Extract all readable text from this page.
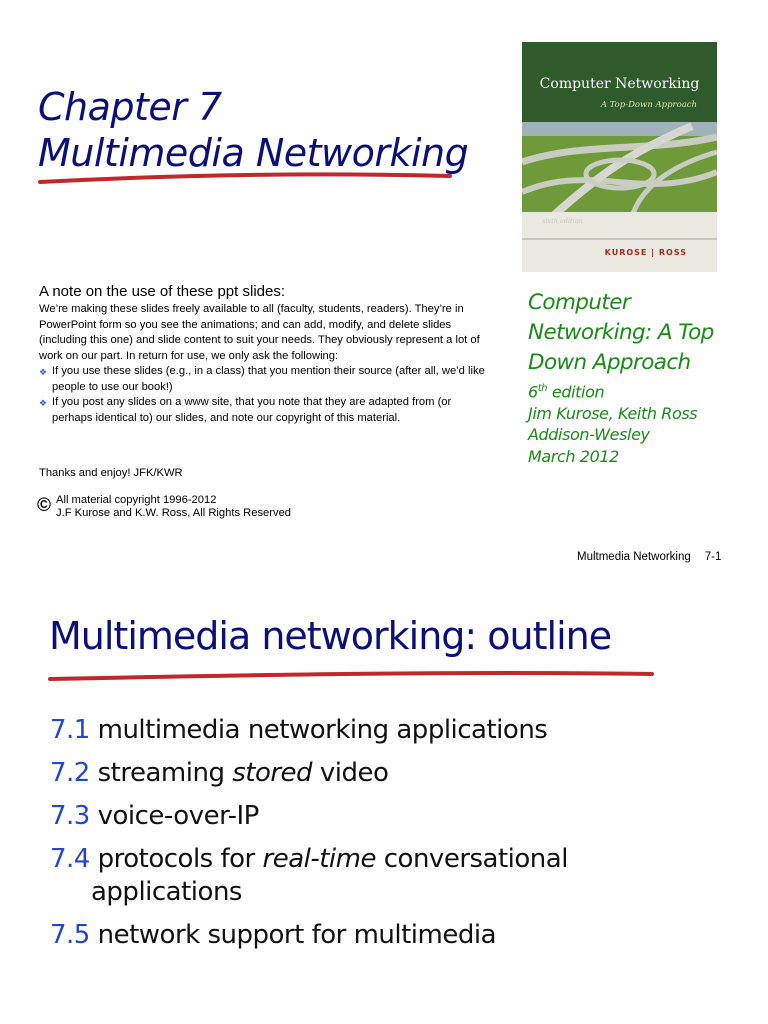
Chapter 7
Multimedia Networking
Computer Networking
A Top-Down Approach
sixth edition
KUROSE | ROSS

A note on the use of these ppt slides:

We’re making these slides freely available to all (faculty, students, readers). They’re in PowerPoint form so you see the animations; and can add, modify, and delete slides (including this one) and slide content to suit your needs. They obviously represent a lot of work on our part. In return for use, we only ask the following:

❖ If you use these slides (e.g., in a class) that you mention their source (after all, we’d like people to use our book!)
❖ If you post any slides on a www site, that you note that they are adapted from (or perhaps identical to) our slides, and note our copyright of this material.
Thanks and enjoy! JFK/KWR
© All material copyright 1996-2012
J.F Kurose and K.W. Ross, All Rights Reserved
Computer
Networking: A Top
Down Approach
6th edition
Jim Kurose, Keith Ross
Addison-Wesley
March 2012
Multmedia Networking 7-1
Multimedia networking: outline
7.1 multimedia networking applications
7.2 streaming stored video
7.3 voice-over-IP
7.4 protocols for real-time conversational
applications
7.5 network support for multimedia
